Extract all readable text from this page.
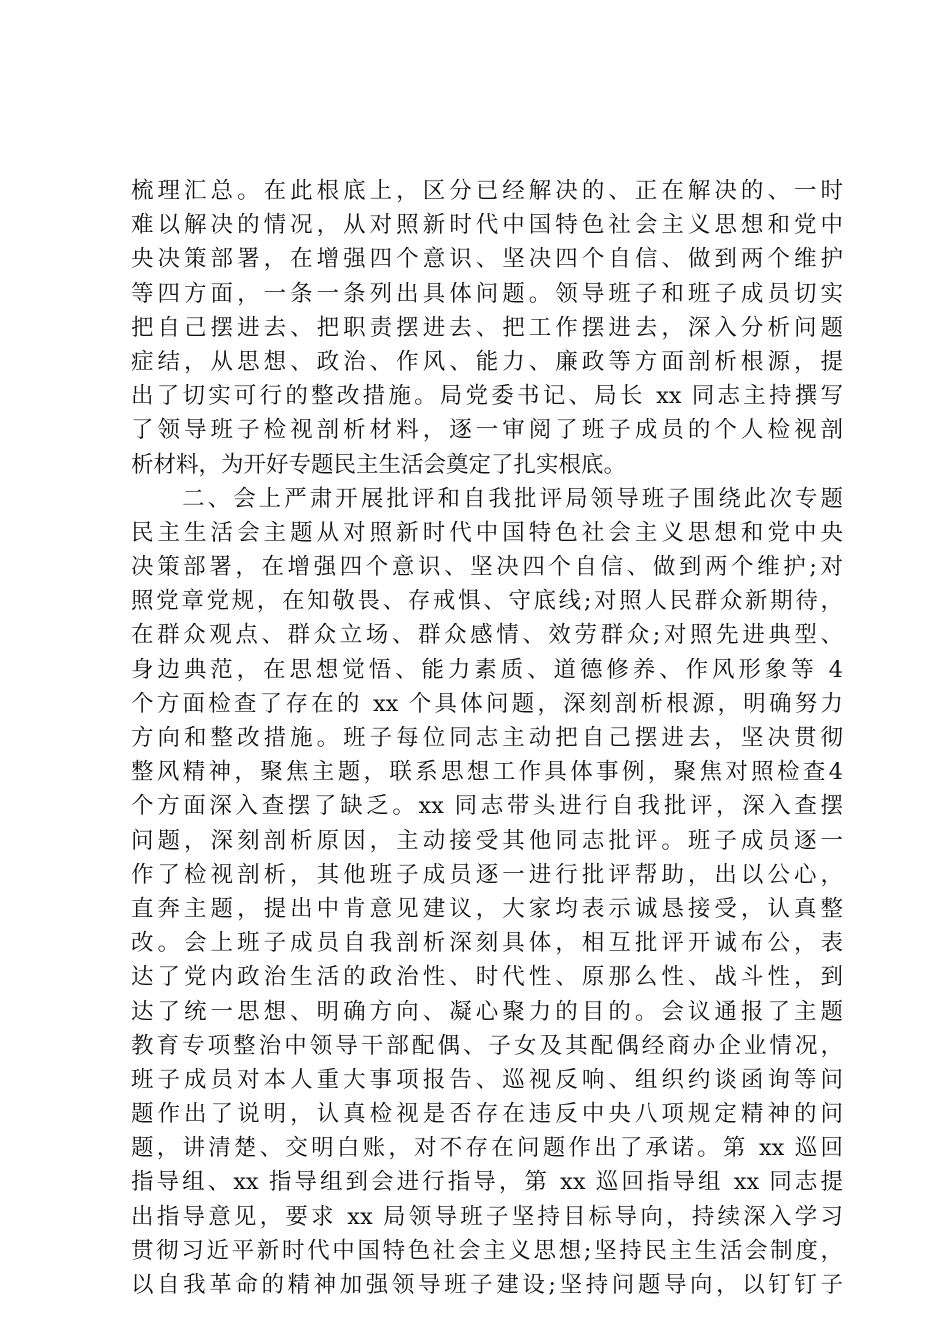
梳理汇总。在此根底上，区分已经解决的、正在解决的、一时
难以解决的情况，从对照新时代中国特色社会主义思想和党中
央决策部署，在增强四个意识、坚决四个自信、做到两个维护
等四方面，一条一条列出具体问题。领导班子和班子成员切实
把自己摆进去、把职责摆进去、把工作摆进去，深入分析问题
症结，从思想、政治、作风、能力、廉政等方面剖析根源，提
出了切实可行的整改措施。局党委书记、局长 xx 同志主持撰写
了领导班子检视剖析材料，逐一审阅了班子成员的个人检视剖
析材料，为开好专题民主生活会奠定了扎实根底。
　　二、会上严肃开展批评和自我批评局领导班子围绕此次专题
民主生活会主题从对照新时代中国特色社会主义思想和党中央
决策部署，在增强四个意识、坚决四个自信、做到两个维护;对
照党章党规，在知敬畏、存戒惧、守底线;对照人民群众新期待，
在群众观点、群众立场、群众感情、效劳群众;对照先进典型、
身边典范，在思想觉悟、能力素质、道德修养、作风形象等 4
个方面检查了存在的 xx 个具体问题，深刻剖析根源，明确努力
方向和整改措施。班子每位同志主动把自己摆进去，坚决贯彻
整风精神，聚焦主题，联系思想工作具体事例，聚焦对照检查4
个方面深入查摆了缺乏。xx 同志带头进行自我批评，深入查摆
问题，深刻剖析原因，主动接受其他同志批评。班子成员逐一
作了检视剖析，其他班子成员逐一进行批评帮助，出以公心，
直奔主题，提出中肯意见建议，大家均表示诚恳接受，认真整
改。会上班子成员自我剖析深刻具体，相互批评开诚布公，表
达了党内政治生活的政治性、时代性、原那么性、战斗性，到
达了统一思想、明确方向、凝心聚力的目的。会议通报了主题
教育专项整治中领导干部配偶、子女及其配偶经商办企业情况，
班子成员对本人重大事项报告、巡视反响、组织约谈函询等问
题作出了说明，认真检视是否存在违反中央八项规定精神的问
题，讲清楚、交明白账，对不存在问题作出了承诺。第 xx 巡回
指导组、xx 指导组到会进行指导，第 xx 巡回指导组 xx 同志提
出指导意见，要求 xx 局领导班子坚持目标导向，持续深入学习
贯彻习近平新时代中国特色社会主义思想;坚持民主生活会制度，
以自我革命的精神加强领导班子建设;坚持问题导向，以钉钉子
